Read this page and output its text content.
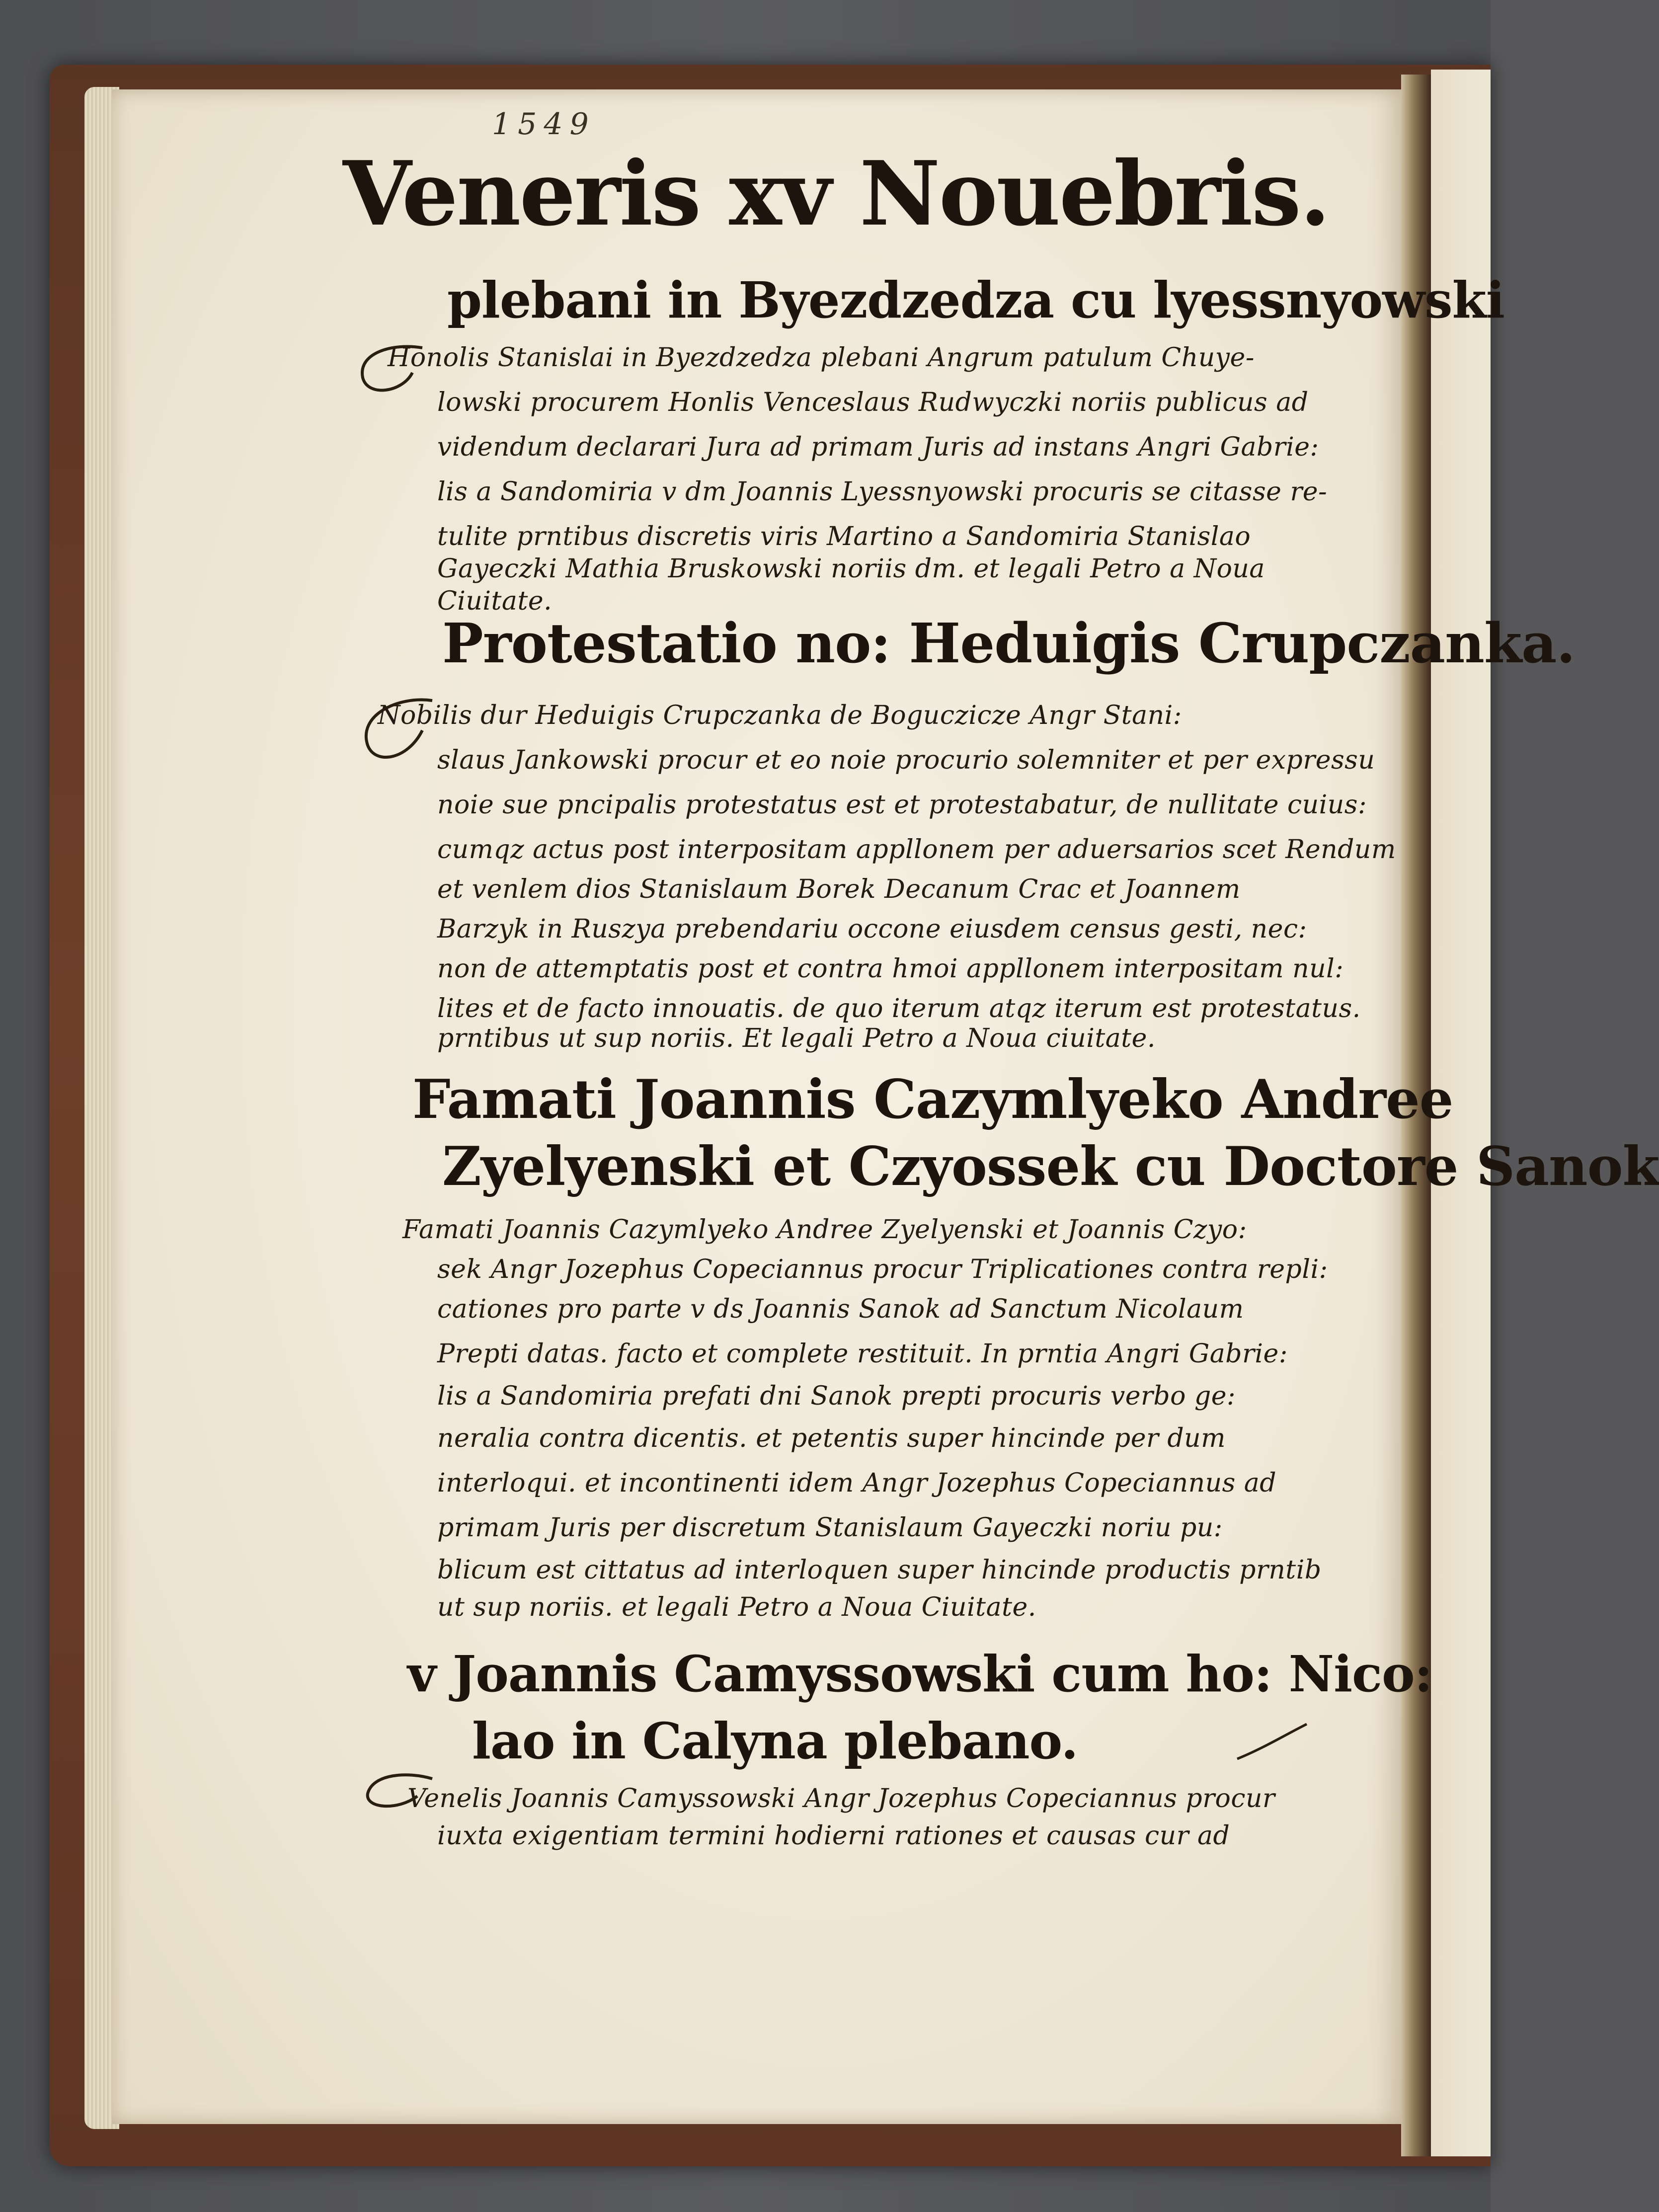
1549
Veneris xv Nouebris.
plebani in Byezdzedza cu lyessnyowski
Honolis Stanislai in Byezdzedza plebani Angrum patulum Chuye-
lowski procurem Honlis Venceslaus Rudwyczki noriis publicus ad
videndum declarari Jura ad primam Juris ad instans Angri Gabrie:
lis a Sandomiria v dm Joannis Lyessnyowski procuris se citasse re-
tulite prntibus discretis viris Martino a Sandomiria Stanislao
Gayeczki Mathia Bruskowski noriis dm. et legali Petro a Noua
Ciuitate.
Protestatio no: Heduigis Crupczanka.
Nobilis dur Heduigis Crupczanka de Boguczicze Angr Stani:
slaus Jankowski procur et eo noie procurio solemniter et per expressu
noie sue pncipalis protestatus est et protestabatur, de nullitate cuius:
cumqz actus post interpositam appllonem per aduersarios scet Rendum
et venlem dios Stanislaum Borek Decanum Crac et Joannem
Barzyk in Ruszya prebendariu occone eiusdem census gesti, nec:
non de attemptatis post et contra hmoi appllonem interpositam nul:
lites et de facto innouatis. de quo iterum atqz iterum est protestatus.
prntibus ut sup noriis. Et legali Petro a Noua ciuitate.
Famati Joannis Cazymlyeko Andree
Zyelyenski et Czyossek cu Doctore Sanok
Famati Joannis Cazymlyeko Andree Zyelyenski et Joannis Czyo:
sek Angr Jozephus Copeciannus procur Triplicationes contra repli:
cationes pro parte v ds Joannis Sanok ad Sanctum Nicolaum
Prepti datas. facto et complete restituit. In prntia Angri Gabrie:
lis a Sandomiria prefati dni Sanok prepti procuris verbo ge:
neralia contra dicentis. et petentis super hincinde per dum
interloqui. et incontinenti idem Angr Jozephus Copeciannus ad
primam Juris per discretum Stanislaum Gayeczki noriu pu:
blicum est cittatus ad interloquen super hincinde productis prntib
ut sup noriis. et legali Petro a Noua Ciuitate.
v Joannis Camyssowski cum ho: Nico:
lao in Calyna plebano.
Venelis Joannis Camyssowski Angr Jozephus Copeciannus procur
iuxta exigentiam termini hodierni rationes et causas cur ad
